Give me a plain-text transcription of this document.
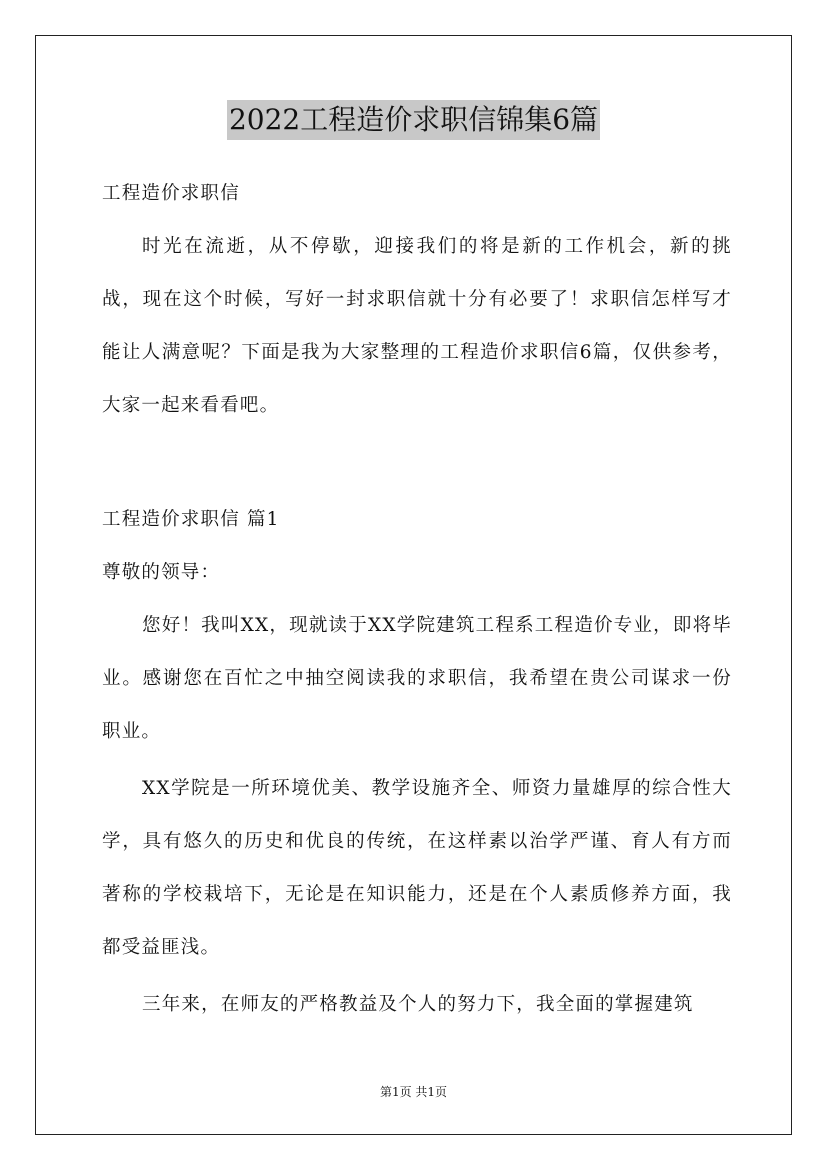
2022工程造价求职信锦集6篇

工程造价求职信

时光在流逝，从不停歇，迎接我们的将是新的工作机会，新的挑战，现在这个时候，写好一封求职信就十分有必要了！求职信怎样写才能让人满意呢？下面是我为大家整理的工程造价求职信6篇，仅供参考，大家一起来看看吧。

工程造价求职信 篇1

尊敬的领导：

您好！我叫XX，现就读于XX学院建筑工程系工程造价专业，即将毕业。感谢您在百忙之中抽空阅读我的求职信，我希望在贵公司谋求一份职业。

XX学院是一所环境优美、教学设施齐全、师资力量雄厚的综合性大学，具有悠久的历史和优良的传统，在这样素以治学严谨、育人有方而著称的学校栽培下，无论是在知识能力，还是在个人素质修养方面，我都受益匪浅。

三年来，在师友的严格教益及个人的努力下，我全面的掌握建筑

第1页 共1页
